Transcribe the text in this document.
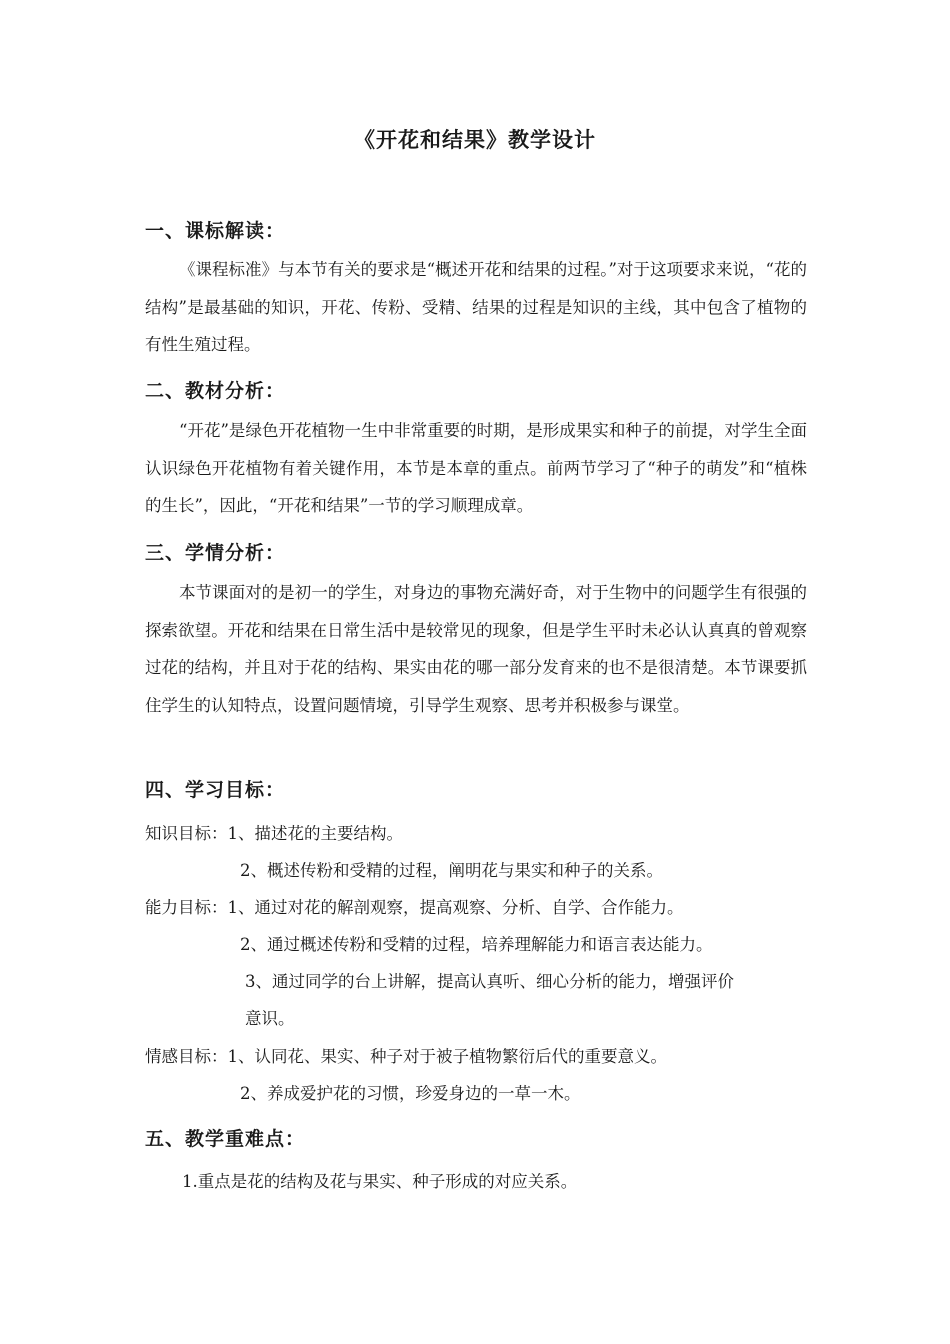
《开花和结果》教学设计
一、课标解读：

《课程标准》与本节有关的要求是“概述开花和结果的过程。”对于这项要求来说，“花的结构”是最基础的知识，开花、传粉、受精、结果的过程是知识的主线，其中包含了植物的有性生殖过程。

二、教材分析：

“开花”是绿色开花植物一生中非常重要的时期，是形成果实和种子的前提，对学生全面认识绿色开花植物有着关键作用，本节是本章的重点。前两节学习了“种子的萌发”和“植株的生长”，因此，“开花和结果”一节的学习顺理成章。

三、学情分析：

本节课面对的是初一的学生，对身边的事物充满好奇，对于生物中的问题学生有很强的探索欲望。开花和结果在日常生活中是较常见的现象，但是学生平时未必认认真真的曾观察过花的结构，并且对于花的结构、果实由花的哪一部分发育来的也不是很清楚。本节课要抓住学生的认知特点，设置问题情境，引导学生观察、思考并积极参与课堂。

四、学习目标：
知识目标：1、描述花的主要结构。
2、概述传粉和受精的过程，阐明花与果实和种子的关系。
能力目标：1、通过对花的解剖观察，提高观察、分析、自学、合作能力。
2、通过概述传粉和受精的过程，培养理解能力和语言表达能力。
3、通过同学的台上讲解，提高认真听、细心分析的能力，增强评价
意识。
情感目标：1、认同花、果实、种子对于被子植物繁衍后代的重要意义。
2、养成爱护花的习惯，珍爱身边的一草一木。
五、教学重难点：
1.重点是花的结构及花与果实、种子形成的对应关系。
